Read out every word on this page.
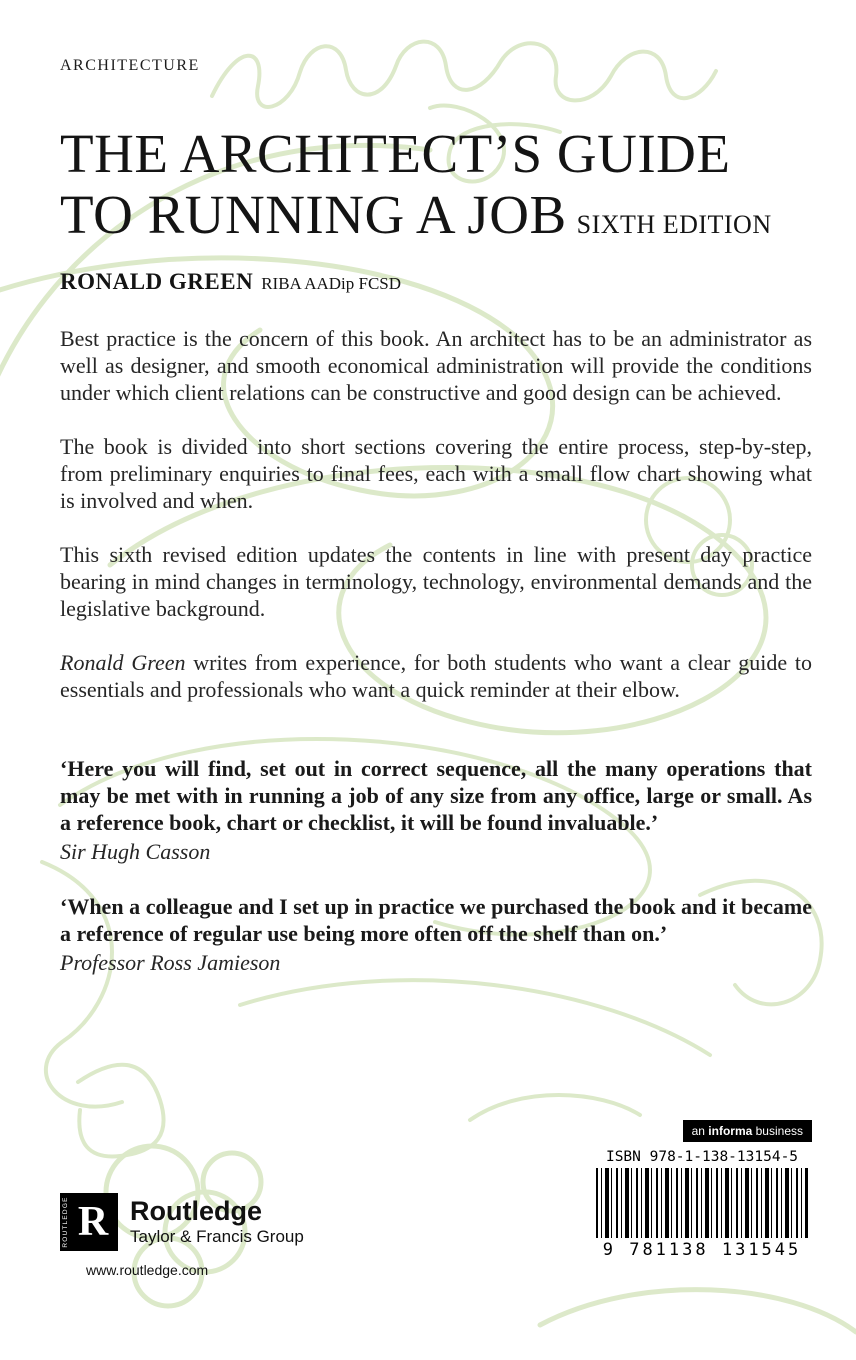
ARCHITECTURE
THE ARCHITECT’S GUIDE
TO RUNNING A JOB SIXTH EDITION
RONALD GREEN RIBA AADip FCSD

Best practice is the concern of this book. An architect has to be an administrator as well as designer, and smooth economical administration will provide the conditions under which client relations can be constructive and good design can be achieved.

The book is divided into short sections covering the entire process, step-by-step, from preliminary enquiries to final fees, each with a small flow chart showing what is involved and when.

This sixth revised edition updates the contents in line with present day practice bearing in mind changes in terminology, technology, environmental demands and the legislative background.

Ronald Green writes from experience, for both students who want a clear guide to essentials and professionals who want a quick reminder at their elbow.

‘Here you will find, set out in correct sequence, all the many operations that may be met with in running a job of any size from any office, large or small. As a reference book, chart or checklist, it will be found invaluable.’

Sir Hugh Casson

‘When a colleague and I set up in practice we purchased the book and it became a reference of regular use being more often off the shelf than on.’

Professor Ross Jamieson

an informa business
ISBN 978-1-138-13154-5
9 781138 131545
ROUTLEDGE R Routledge
Taylor & Francis Group
www.routledge.com
